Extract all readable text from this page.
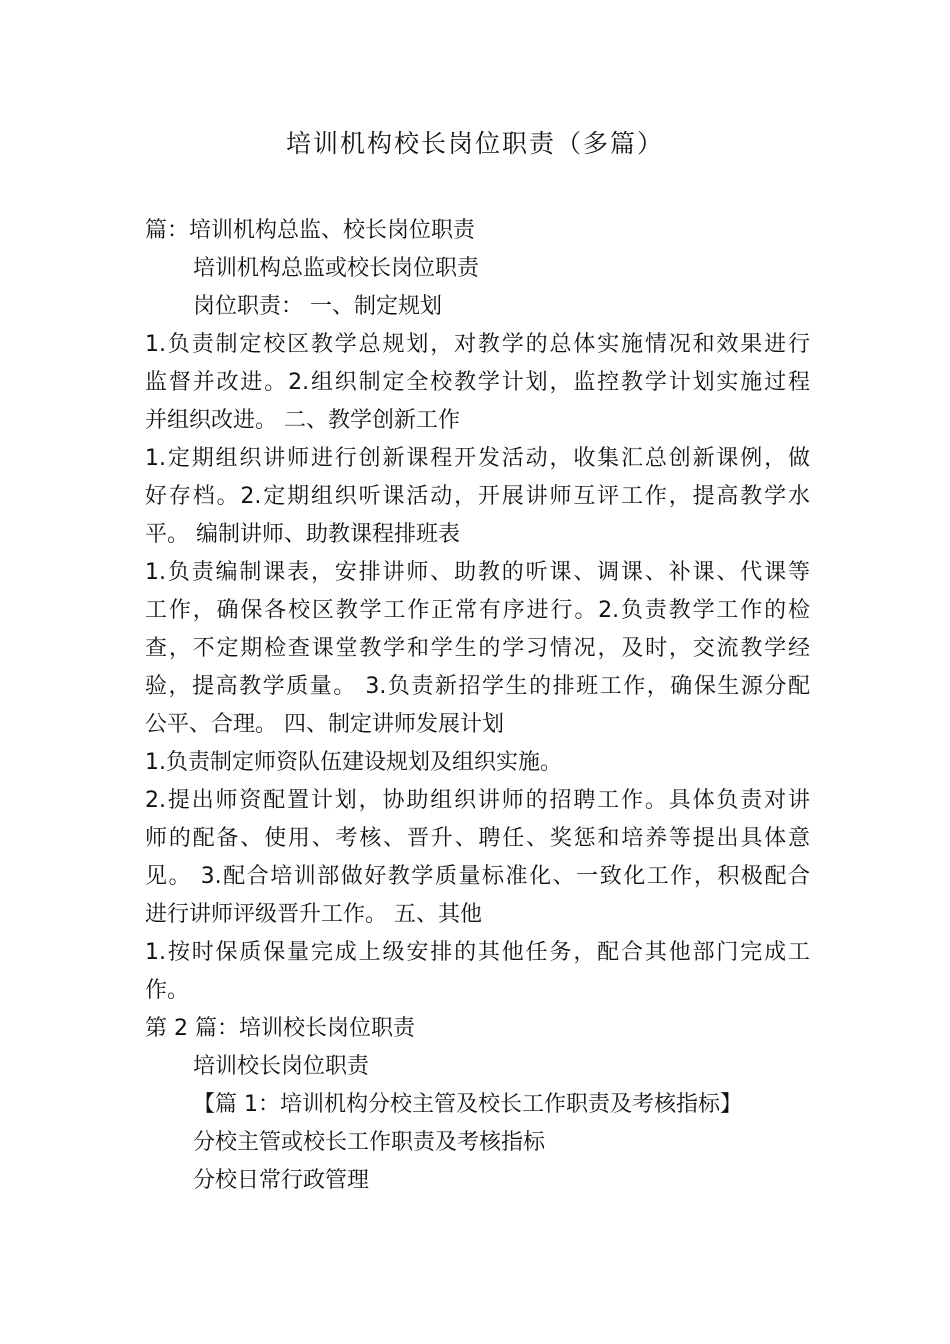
培训机构校长岗位职责（多篇）
篇：培训机构总监、校长岗位职责
培训机构总监或校长岗位职责
岗位职责： 一、制定规划
1.负责制定校区教学总规划，对教学的总体实施情况和效果进行
监督并改进。2.组织制定全校教学计划，监控教学计划实施过程
并组织改进。 二、教学创新工作
1.定期组织讲师进行创新课程开发活动，收集汇总创新课例，做
好存档。2.定期组织听课活动，开展讲师互评工作，提高教学水
平。 编制讲师、助教课程排班表
1.负责编制课表，安排讲师、助教的听课、调课、补课、代课等
工作，确保各校区教学工作正常有序进行。2.负责教学工作的检
查，不定期检查课堂教学和学生的学习情况，及时，交流教学经
验，提高教学质量。 3.负责新招学生的排班工作，确保生源分配
公平、合理。 四、制定讲师发展计划
1.负责制定师资队伍建设规划及组织实施。
2.提出师资配置计划，协助组织讲师的招聘工作。具体负责对讲
师的配备、使用、考核、晋升、聘任、奖惩和培养等提出具体意
见。 3.配合培训部做好教学质量标准化、一致化工作，积极配合
进行讲师评级晋升工作。 五、其他
1.按时保质保量完成上级安排的其他任务，配合其他部门完成工
作。
第 2 篇：培训校长岗位职责
培训校长岗位职责
【篇 1：培训机构分校主管及校长工作职责及考核指标】
分校主管或校长工作职责及考核指标
分校日常行政管理
